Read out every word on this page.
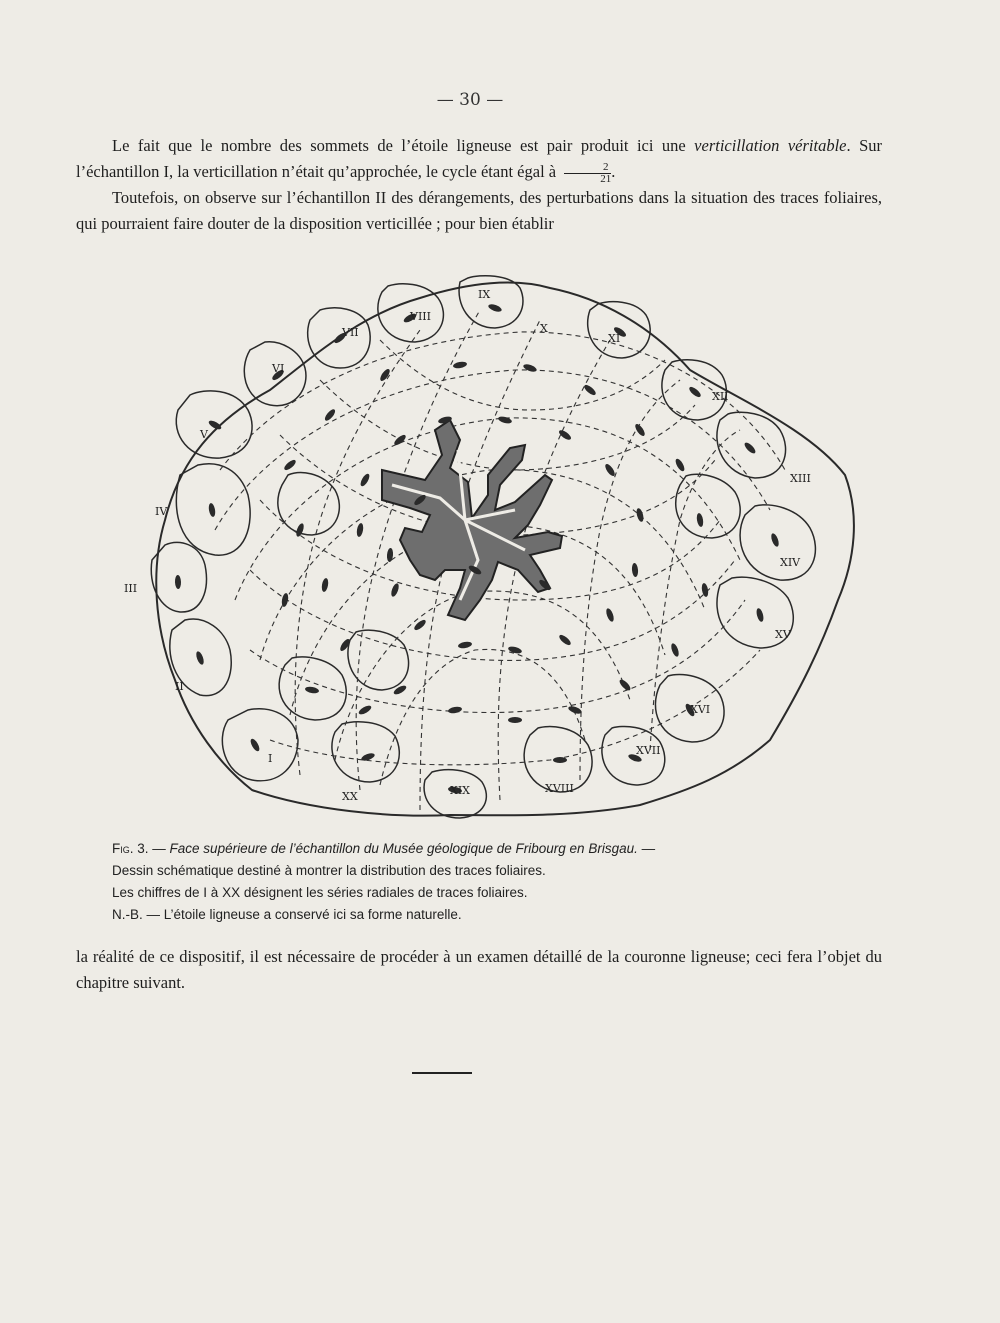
— 30 —
Le fait que le nombre des sommets de l’étoile ligneuse est pair produit ici une verticillation véritable. Sur l’échantillon I, la verticillation n’était qu’approchée, le cycle étant égal à $\frac{2}{21}$ .
Toutefois, on observe sur l’échantillon II des dérangements, des perturbations dans la situation des traces foliaires, qui pourraient faire douter de la disposition verticillée ; pour bien établir
I
II
III
IV
V
VI
VII
VIII
IX
X
XI
XII
XIII
XIV
XV
XVI
XVII
XVIII
XIX
XX
Fig. 3. — Face supérieure de l’échantillon du Musée géologique de Fribourg en Brisgau. —
Dessin schématique destiné à montrer la distribution des traces foliaires.
Les chiffres de I à XX désignent les séries radiales de traces foliaires.
N.-B. — L’étoile ligneuse a conservé ici sa forme naturelle.
la réalité de ce dispositif, il est nécessaire de procéder à un examen détaillé de la couronne ligneuse; ceci fera l’objet du chapitre suivant.
